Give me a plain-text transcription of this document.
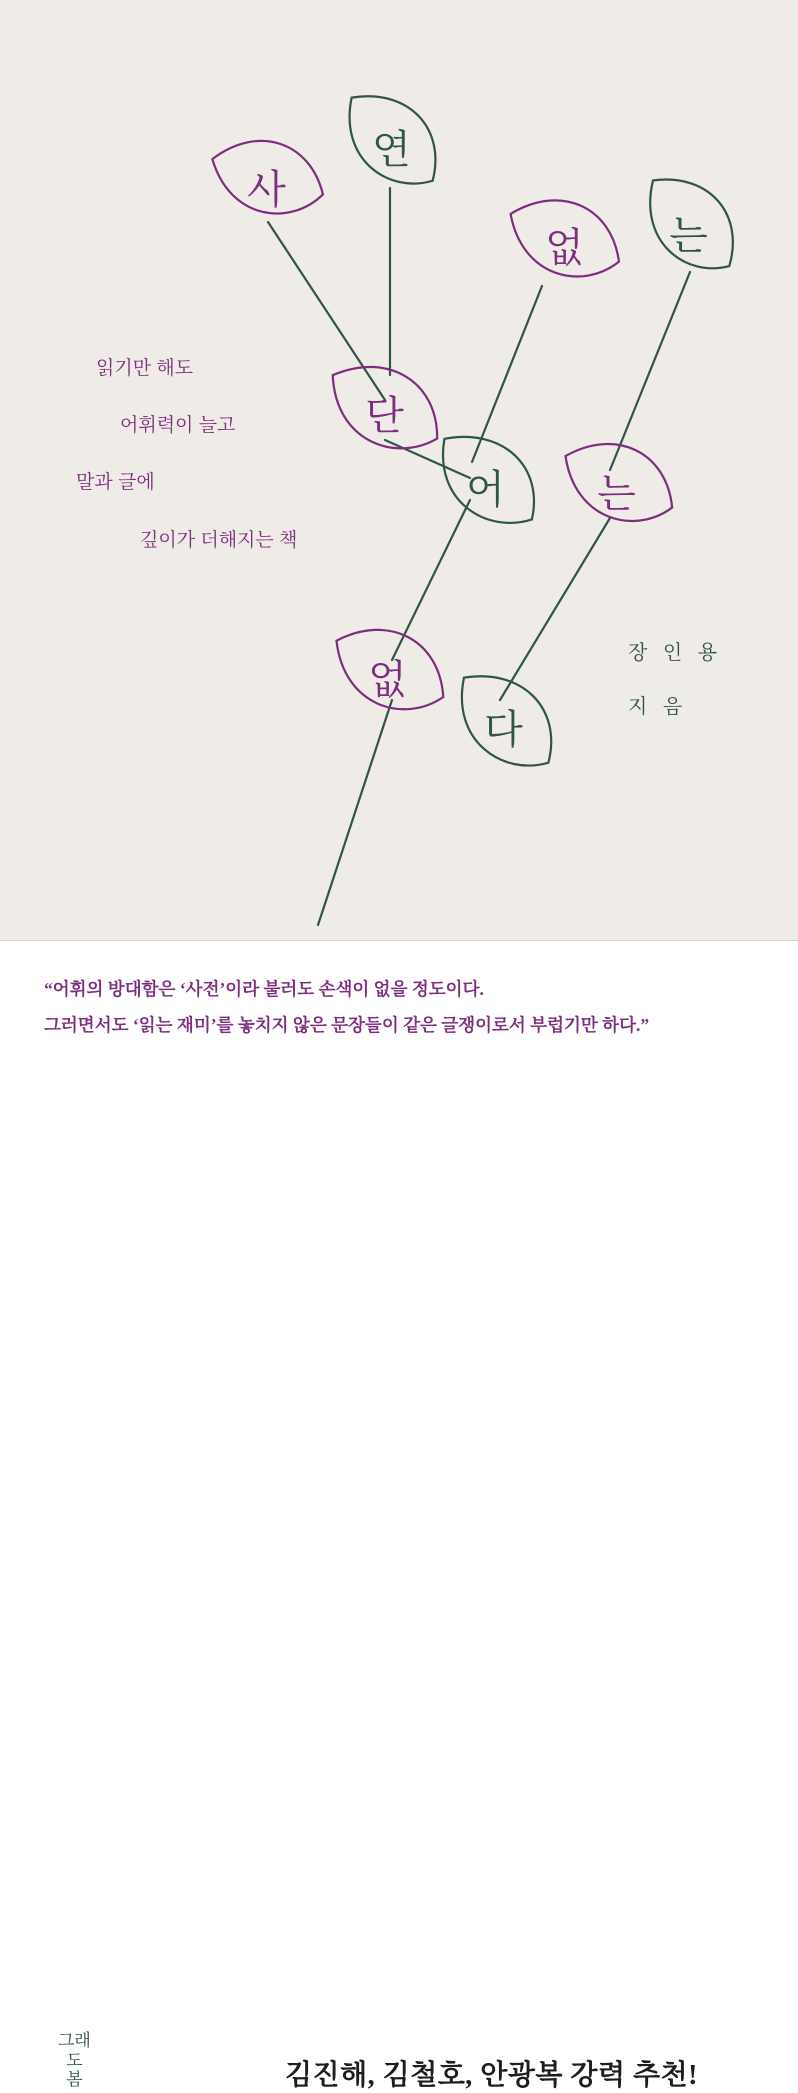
사
연
없 는
단
어 는
없
다
읽기만 해도
어휘력이 늘고
말과 글에
깊이가 더해지는 책
장 인 용
지 음
“어휘의 방대함은 ‘사전’이라 불러도 손색이 없을 정도이다.
그러면서도 ‘읽는 재미’를 놓치지 않은 문장들이 같은 글쟁이로서 부럽기만 하다.”
그래
도
봄	김진해, 김철호, 안광복 강력 추천!
